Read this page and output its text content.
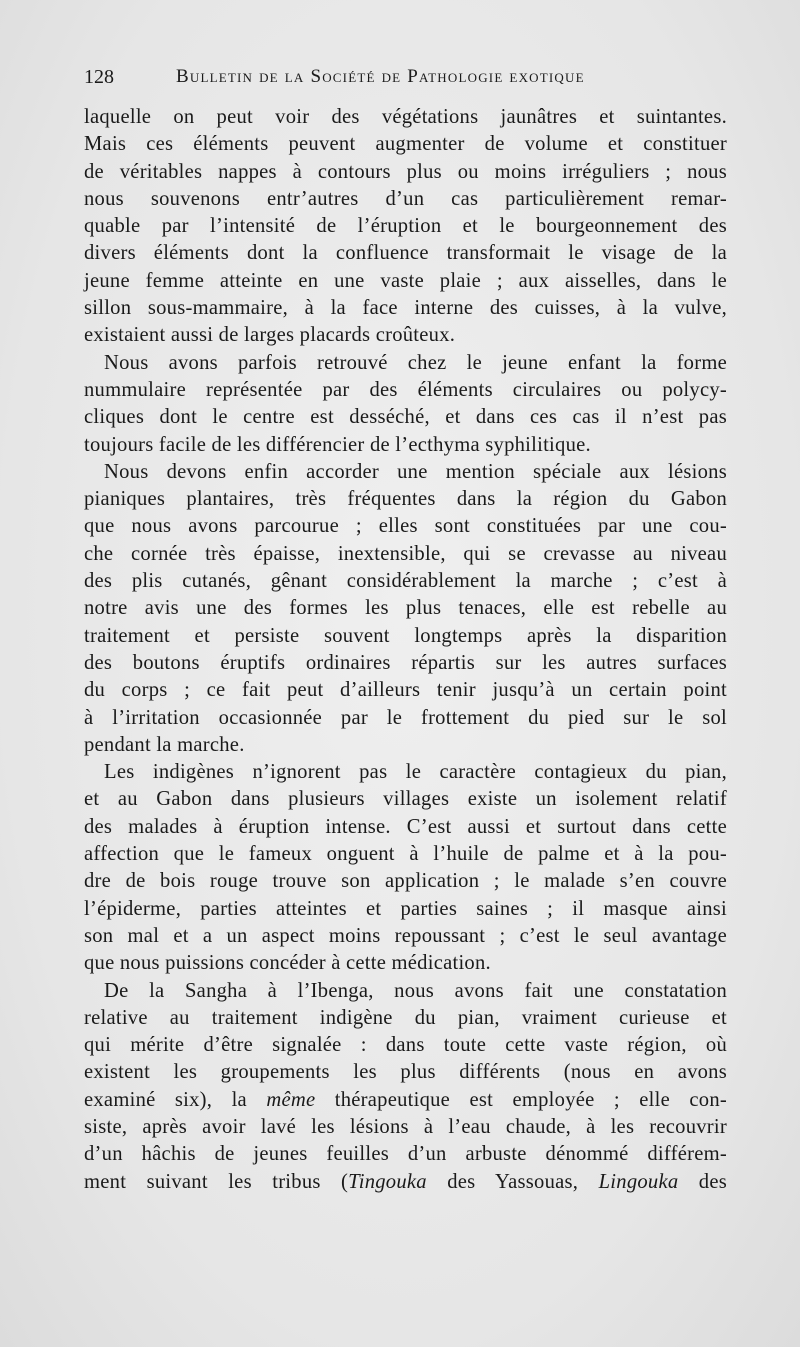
128	Bulletin de la Société de Pathologie exotique
laquelle on peut voir des végétations jaunâtres et suintantes.
Mais ces éléments peuvent augmenter de volume et constituer
de véritables nappes à contours plus ou moins irréguliers ; nous
nous souvenons entr’autres d’un cas particulièrement remar-
quable par l’intensité de l’éruption et le bourgeonnement des
divers éléments dont la confluence transformait le visage de la
jeune femme atteinte en une vaste plaie ; aux aisselles, dans le
sillon sous-mammaire, à la face interne des cuisses, à la vulve,
existaient aussi de larges placards croûteux.
Nous avons parfois retrouvé chez le jeune enfant la forme
nummulaire représentée par des éléments circulaires ou polycy-
cliques dont le centre est desséché, et dans ces cas il n’est pas
toujours facile de les différencier de l’ecthyma syphilitique.
Nous devons enfin accorder une mention spéciale aux lésions
pianiques plantaires, très fréquentes dans la région du Gabon
que nous avons parcourue ; elles sont constituées par une cou-
che cornée très épaisse, inextensible, qui se crevasse au niveau
des plis cutanés, gênant considérablement la marche ; c’est à
notre avis une des formes les plus tenaces, elle est rebelle au
traitement et persiste souvent longtemps après la disparition
des boutons éruptifs ordinaires répartis sur les autres surfaces
du corps ; ce fait peut d’ailleurs tenir jusqu’à un certain point
à l’irritation occasionnée par le frottement du pied sur le sol
pendant la marche.
Les indigènes n’ignorent pas le caractère contagieux du pian,
et au Gabon dans plusieurs villages existe un isolement relatif
des malades à éruption intense. C’est aussi et surtout dans cette
affection que le fameux onguent à l’huile de palme et à la pou-
dre de bois rouge trouve son application ; le malade s’en couvre
l’épiderme, parties atteintes et parties saines ; il masque ainsi
son mal et a un aspect moins repoussant ; c’est le seul avantage
que nous puissions concéder à cette médication.
De la Sangha à l’Ibenga, nous avons fait une constatation
relative au traitement indigène du pian, vraiment curieuse et
qui mérite d’être signalée : dans toute cette vaste région, où
existent les groupements les plus différents (nous en avons
examiné six), la même thérapeutique est employée ; elle con-
siste, après avoir lavé les lésions à l’eau chaude, à les recouvrir
d’un hâchis de jeunes feuilles d’un arbuste dénommé différem-
ment suivant les tribus (Tingouka des Yassouas, Lingouka des
